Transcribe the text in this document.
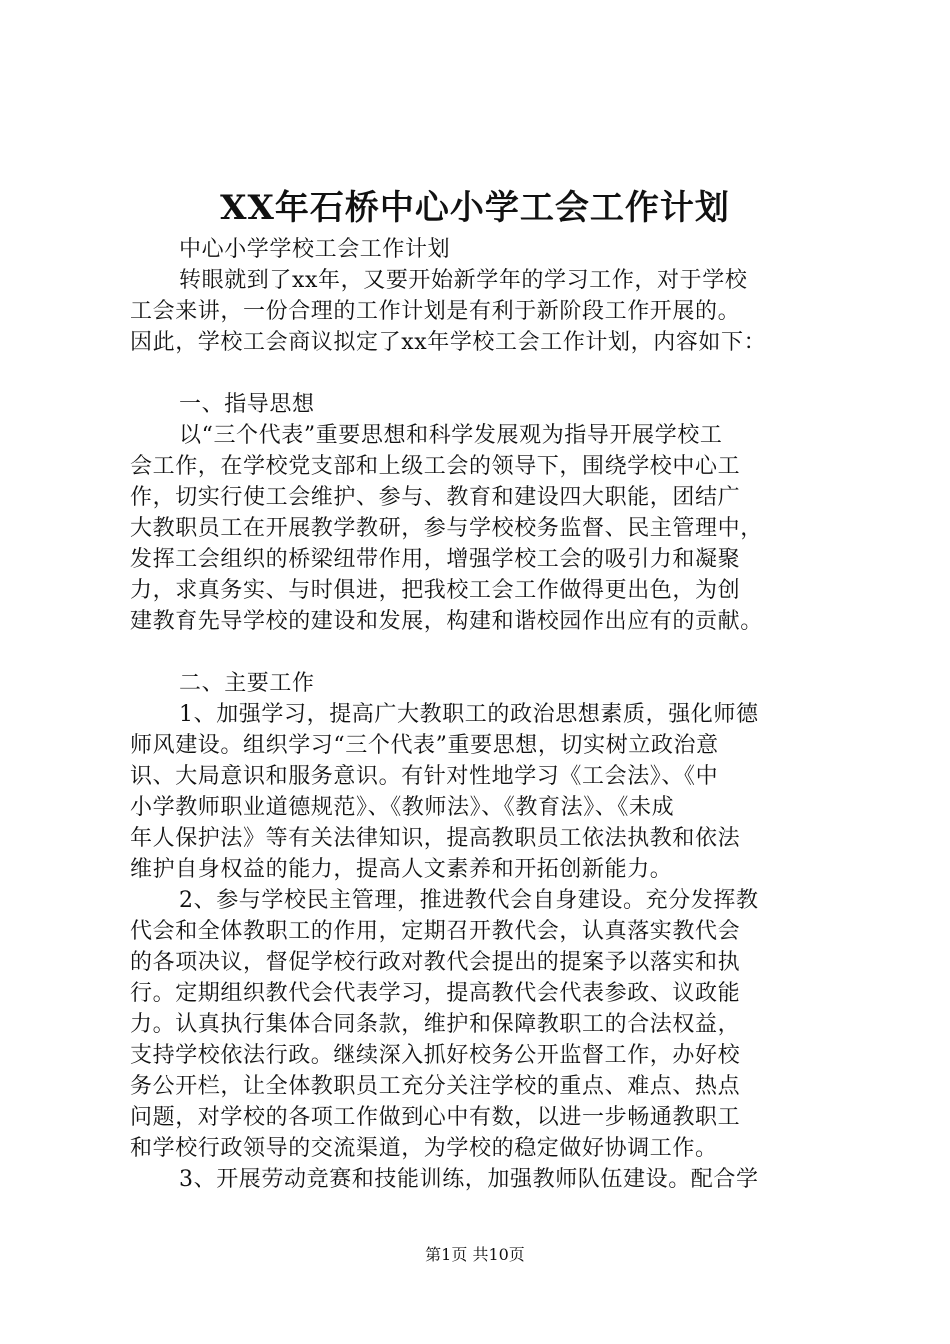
XX年石桥中心小学工会工作计划
中心小学学校工会工作计划
转眼就到了xx年，又要开始新学年的学习工作，对于学校
工会来讲，一份合理的工作计划是有利于新阶段工作开展的。
因此，学校工会商议拟定了xx年学校工会工作计划，内容如下：
一、指导思想
以“三个代表”重要思想和科学发展观为指导开展学校工
会工作，在学校党支部和上级工会的领导下，围绕学校中心工
作，切实行使工会维护、参与、教育和建设四大职能，团结广
大教职员工在开展教学教研，参与学校校务监督、民主管理中，
发挥工会组织的桥梁纽带作用，增强学校工会的吸引力和凝聚
力，求真务实、与时俱进，把我校工会工作做得更出色，为创
建教育先导学校的建设和发展，构建和谐校园作出应有的贡献。
二、主要工作
1、加强学习，提高广大教职工的政治思想素质，强化师德
师风建设。组织学习“三个代表”重要思想，切实树立政治意
识、大局意识和服务意识。有针对性地学习《工会法》、《中
小学教师职业道德规范》、《教师法》、《教育法》、《未成
年人保护法》等有关法律知识，提高教职员工依法执教和依法
维护自身权益的能力，提高人文素养和开拓创新能力。
2、参与学校民主管理，推进教代会自身建设。充分发挥教
代会和全体教职工的作用，定期召开教代会，认真落实教代会
的各项决议，督促学校行政对教代会提出的提案予以落实和执
行。定期组织教代会代表学习，提高教代会代表参政、议政能
力。认真执行集体合同条款，维护和保障教职工的合法权益，
支持学校依法行政。继续深入抓好校务公开监督工作，办好校
务公开栏，让全体教职员工充分关注学校的重点、难点、热点
问题，对学校的各项工作做到心中有数，以进一步畅通教职工
和学校行政领导的交流渠道，为学校的稳定做好协调工作。
3、开展劳动竞赛和技能训练，加强教师队伍建设。配合学
第1页 共10页
